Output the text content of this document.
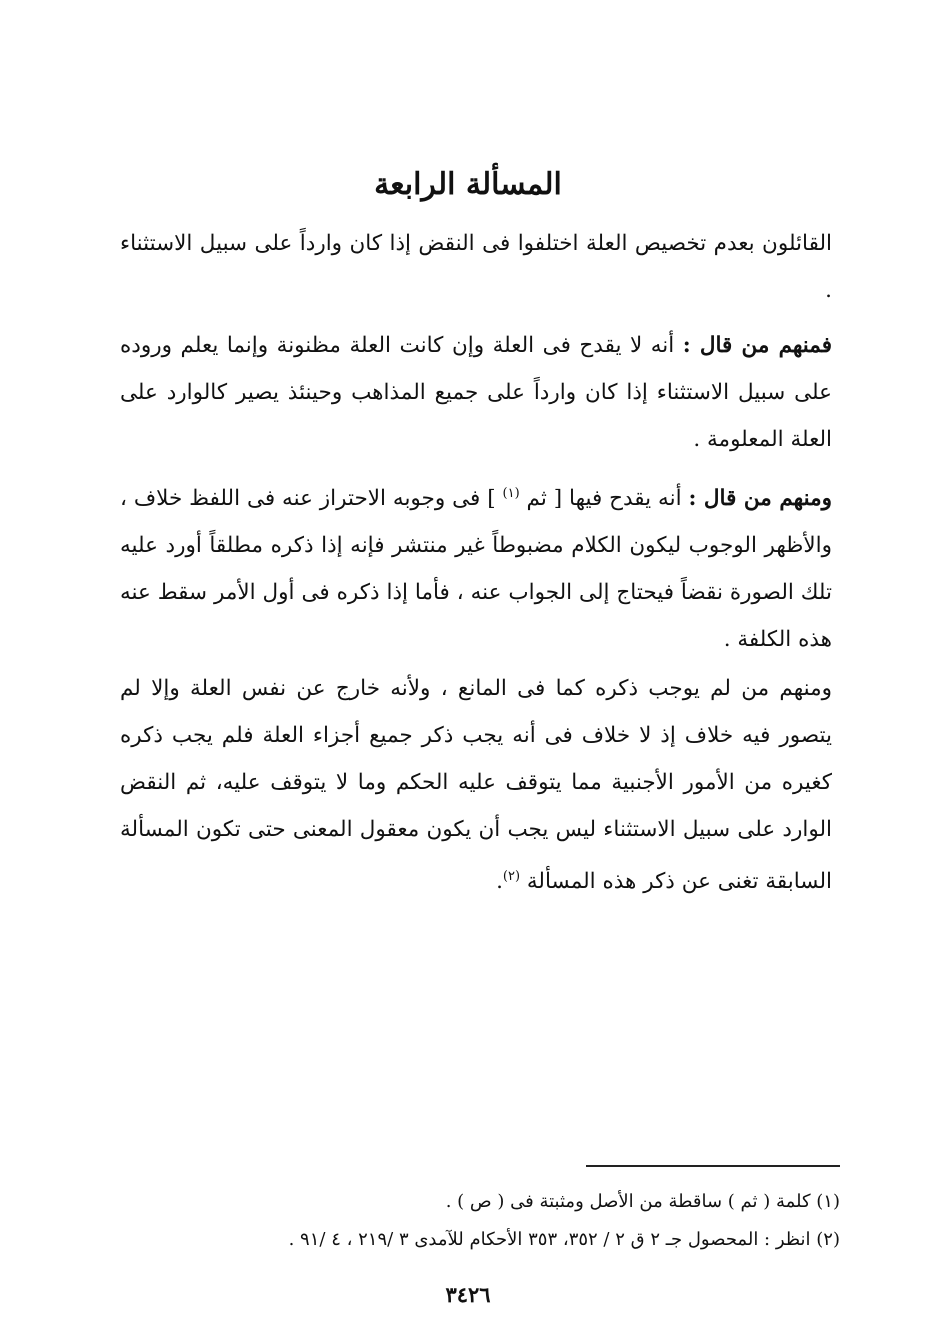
المسألة الرابعة
القائلون بعدم تخصيص العلة اختلفوا فى النقض إذا كان وارداً على سبيل الاستثناء .
فمنهم من قال : أنه لا يقدح فى العلة وإن كانت العلة مظنونة وإنما يعلم وروده على سبيل الاستثناء إذا كان وارداً على جميع المذاهب وحينئذ يصير كالوارد على العلة المعلومة .
ومنهم من قال : أنه يقدح فيها [ ثم $^{(١)}$ ] فى وجوبه الاحتراز عنه فى اللفظ خلاف ، والأظهر الوجوب ليكون الكلام مضبوطاً غير منتشر فإنه إذا ذكره مطلقاً أورد عليه تلك الصورة نقضاً فيحتاج إلى الجواب عنه ، فأما إذا ذكره فى أول الأمر سقط عنه هذه الكلفة .
ومنهم من لم يوجب ذكره كما فى المانع ، ولأنه خارج عن نفس العلة وإلا لم يتصور فيه خلاف إذ لا خلاف فى أنه يجب ذكر جميع أجزاء العلة فلم يجب ذكره كغيره من الأمور الأجنبية مما يتوقف عليه الحكم وما لا يتوقف عليه، ثم النقض الوارد على سبيل الاستثناء ليس يجب أن يكون معقول المعنى حتى تكون المسألة السابقة تغنى عن ذكر هذه المسألة $^{(٢)}$.
(١) كلمة ( ثم ) ساقطة من الأصل ومثبتة فى ( ص ) .
(٢) انظر : المحصول جـ ٢ ق ٢ / ٣٥٢، ٣٥٣ الأحكام للآمدى ٣ /٢١٩ ، ٤ /٩١ .
٣٤٢٦
